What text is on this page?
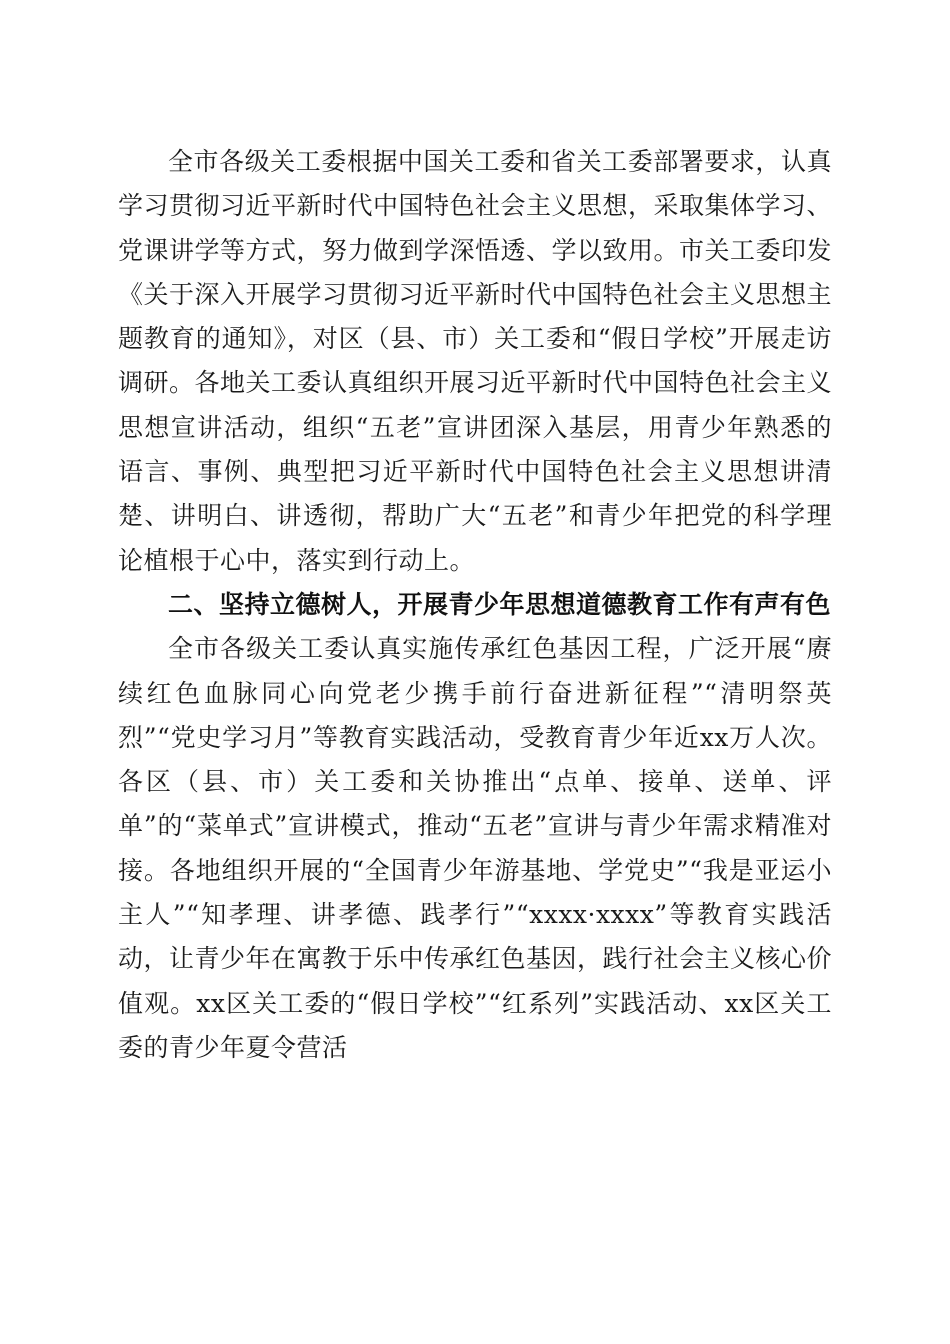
全市各级关工委根据中国关工委和省关工委部署要求，认真学习贯彻习近平新时代中国特色社会主义思想，采取集体学习、党课讲学等方式，努力做到学深悟透、学以致用。市关工委印发《关于深入开展学习贯彻习近平新时代中国特色社会主义思想主题教育的通知》，对区（县、市）关工委和“假日学校”开展走访调研。各地关工委认真组织开展习近平新时代中国特色社会主义思想宣讲活动，组织“五老”宣讲团深入基层，用青少年熟悉的语言、事例、典型把习近平新时代中国特色社会主义思想讲清楚、讲明白、讲透彻，帮助广大“五老”和青少年把党的科学理论植根于心中，落实到行动上。

二、坚持立德树人，开展青少年思想道德教育工作有声有色

全市各级关工委认真实施传承红色基因工程，广泛开展“赓续红色血脉同心向党老少携手前行奋进新征程”“清明祭英烈”“党史学习月”等教育实践活动，受教育青少年近xx万人次。各区（县、市）关工委和关协推出“点单、接单、送单、评单”的“菜单式”宣讲模式，推动“五老”宣讲与青少年需求精准对接。各地组织开展的“全国青少年游基地、学党史”“我是亚运小主人”“知孝理、讲孝德、践孝行”“xxxx·xxxx”等教育实践活动，让青少年在寓教于乐中传承红色基因，践行社会主义核心价值观。xx区关工委的“假日学校”“红系列”实践活动、xx区关工委的青少年夏令营活
